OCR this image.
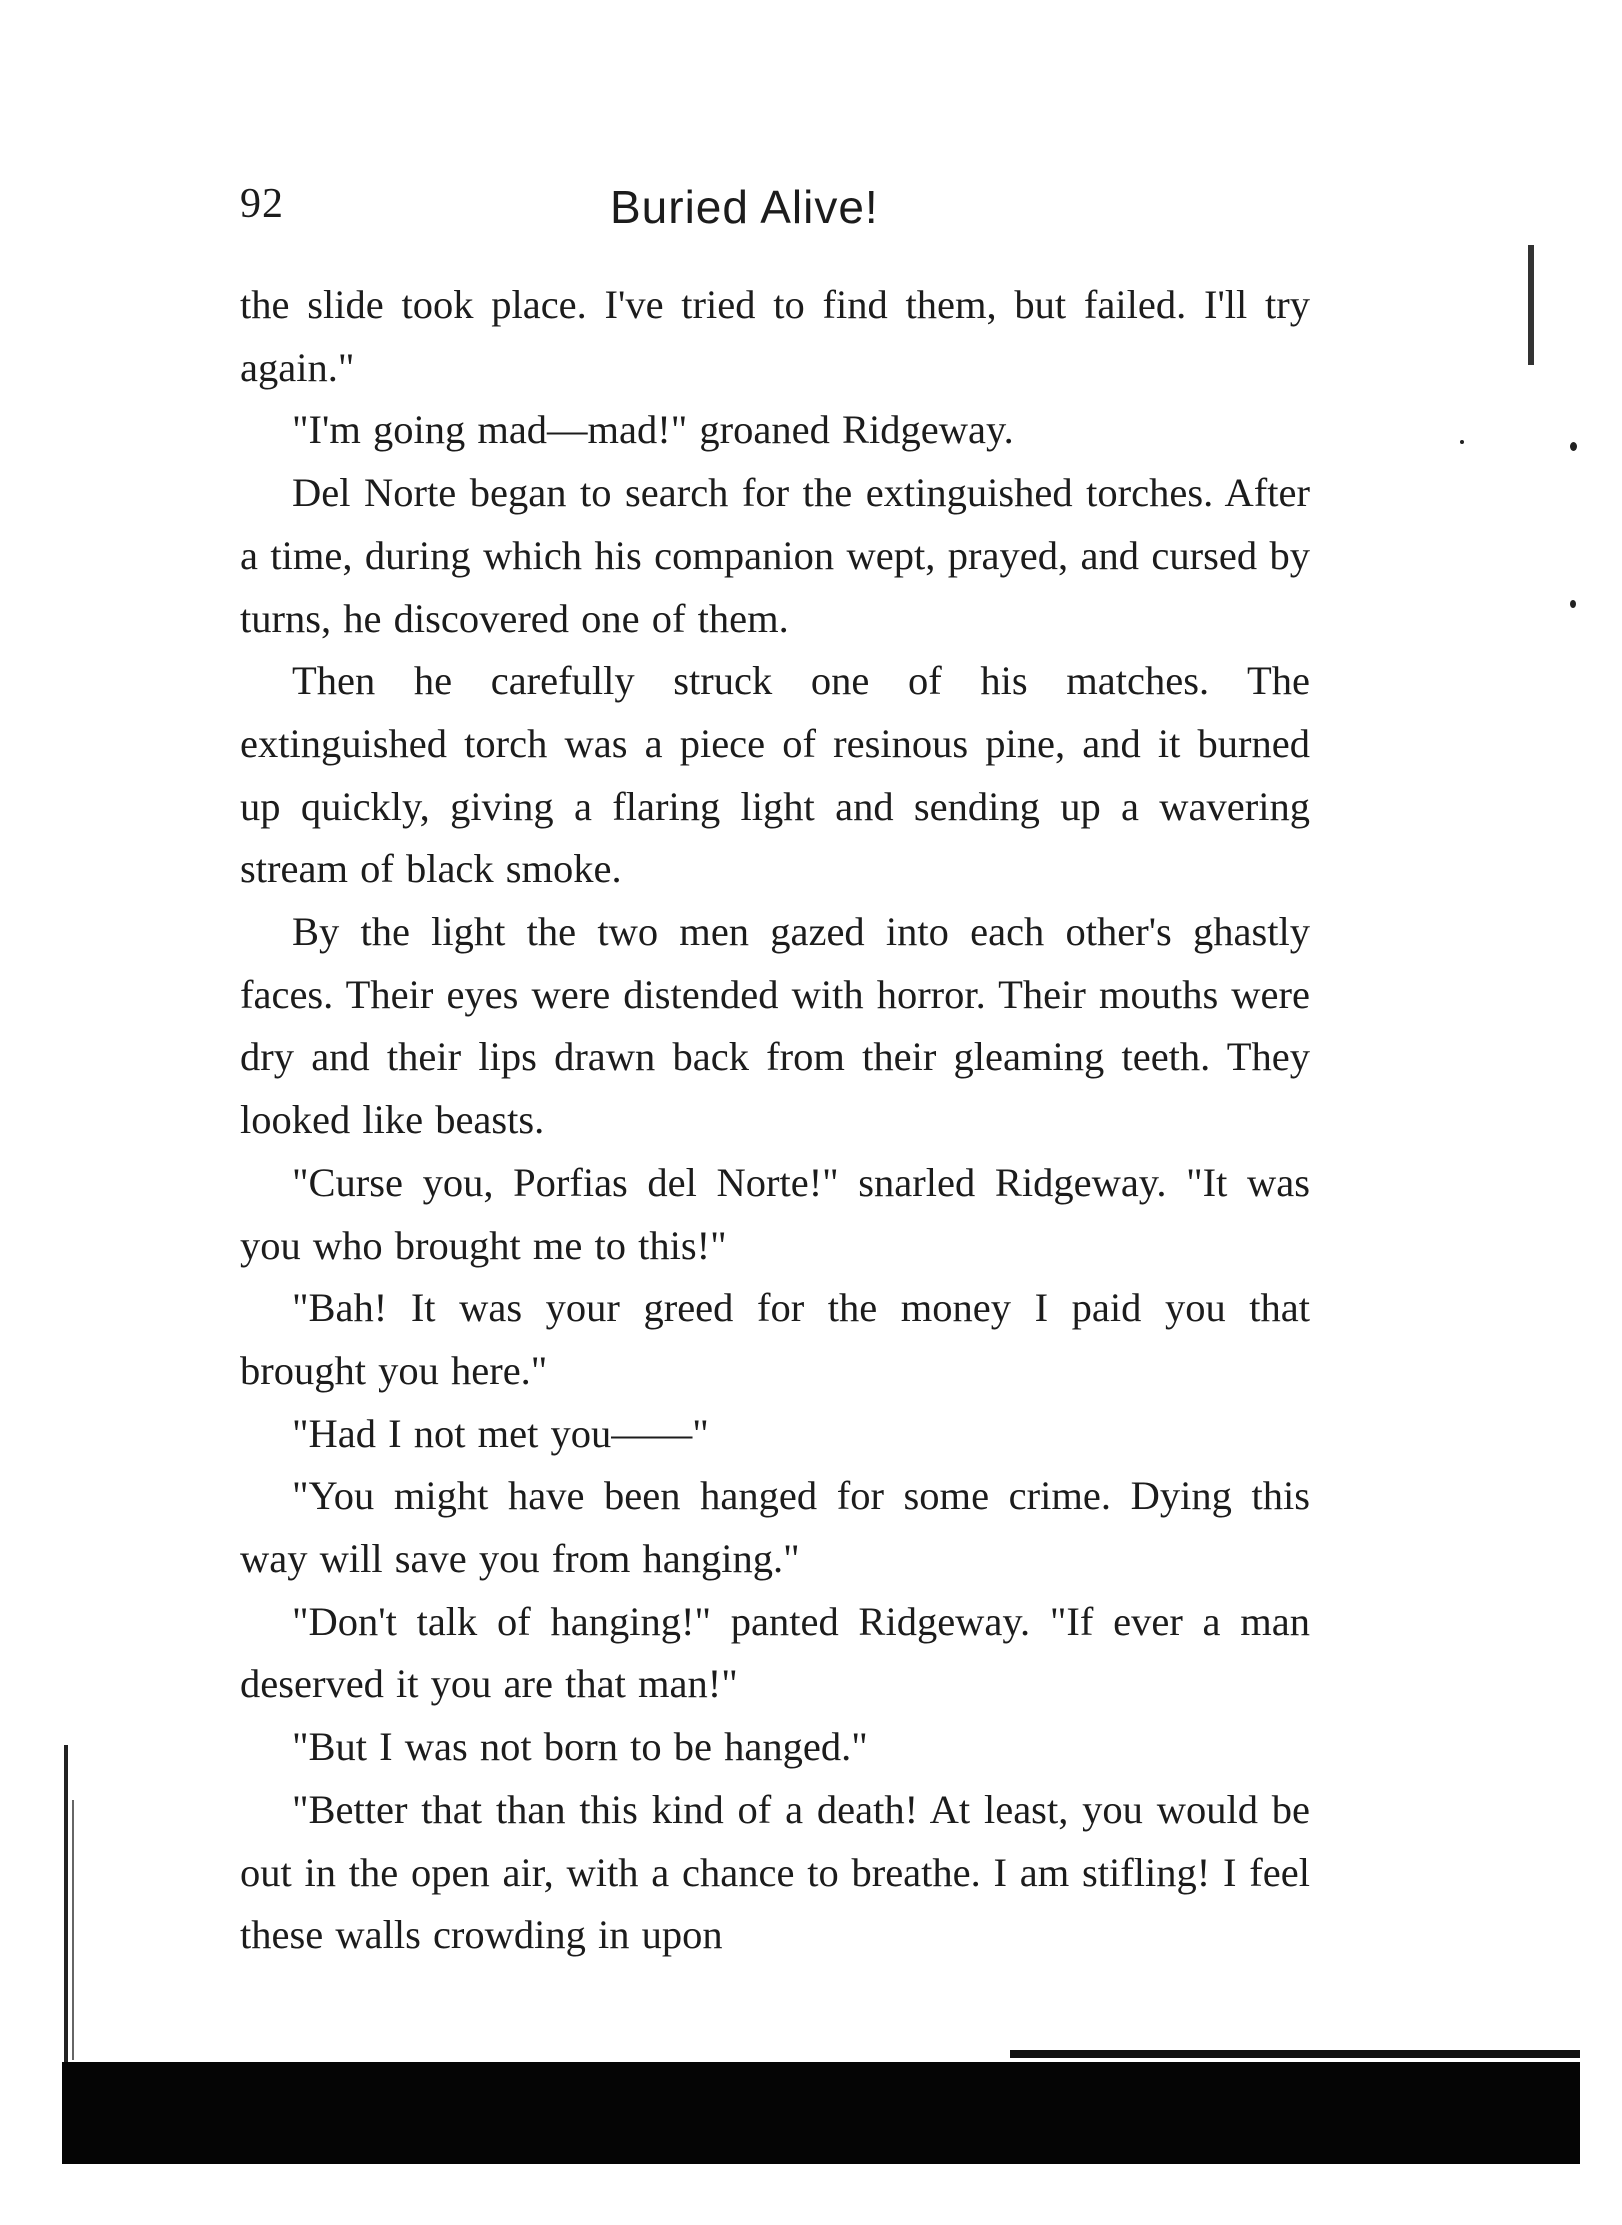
92	Buried Alive!

the slide took place. I've tried to find them, but failed. I'll try again."

"I'm going mad—mad!" groaned Ridgeway.

Del Norte began to search for the extinguished torches. After a time, during which his companion wept, prayed, and cursed by turns, he discovered one of them.

Then he carefully struck one of his matches. The extinguished torch was a piece of resinous pine, and it burned up quickly, giving a flaring light and sending up a wavering stream of black smoke.

By the light the two men gazed into each other's ghastly faces. Their eyes were distended with horror. Their mouths were dry and their lips drawn back from their gleaming teeth. They looked like beasts.

"Curse you, Porfias del Norte!" snarled Ridgeway. "It was you who brought me to this!"

"Bah! It was your greed for the money I paid you that brought you here."

"Had I not met you——"

"You might have been hanged for some crime. Dying this way will save you from hanging."

"Don't talk of hanging!" panted Ridgeway. "If ever a man deserved it you are that man!"

"But I was not born to be hanged."

"Better that than this kind of a death! At least, you would be out in the open air, with a chance to breathe. I am stifling! I feel these walls crowding in upon
